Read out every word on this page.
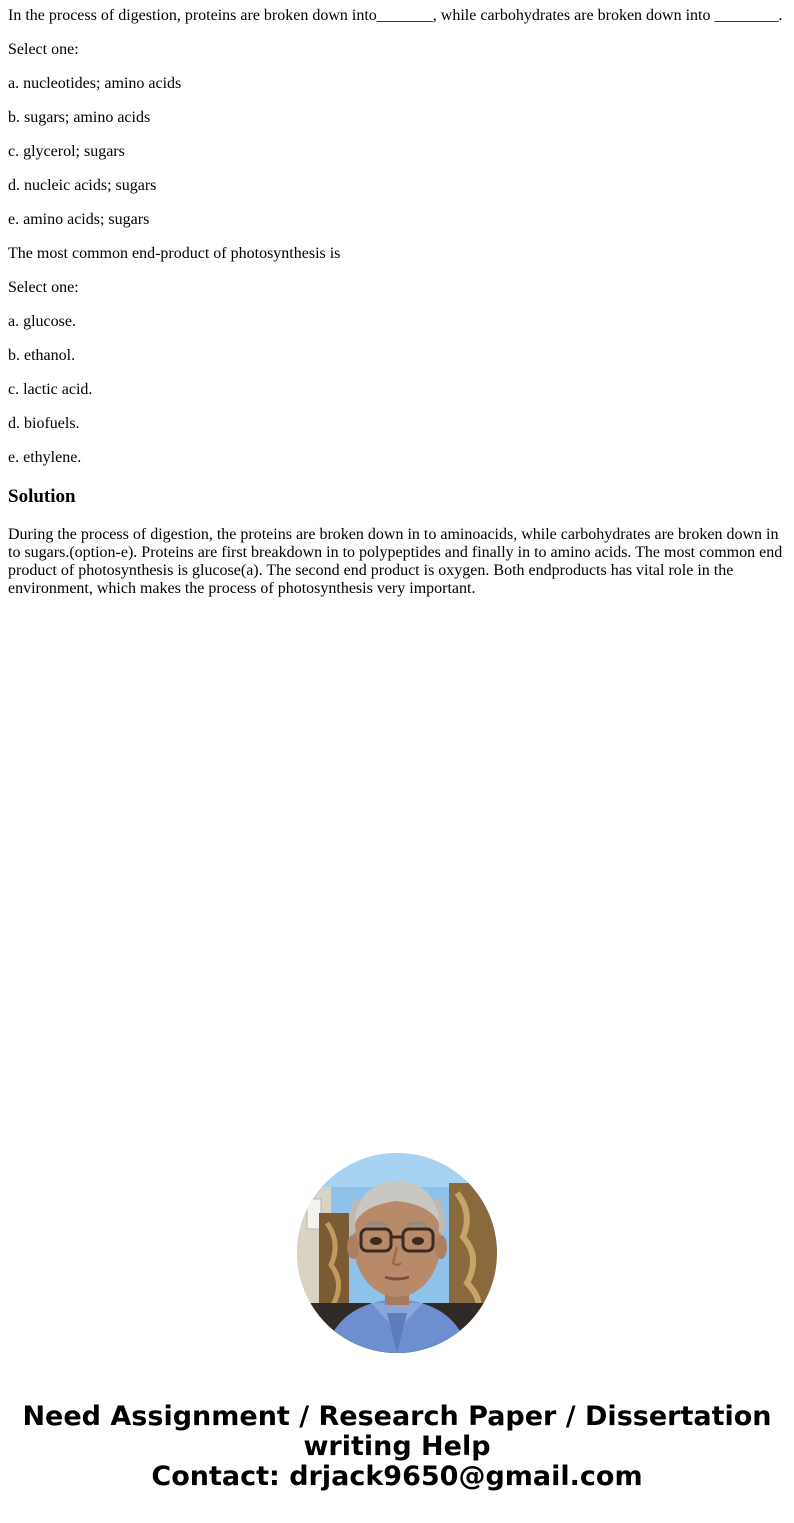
In the process of digestion, proteins are broken down into_______, while carbohydrates are broken down into ________.

Select one:

a. nucleotides; amino acids

b. sugars; amino acids

c. glycerol; sugars

d. nucleic acids; sugars

e. amino acids; sugars

The most common end-product of photosynthesis is

Select one:

a. glucose.

b. ethanol.

c. lactic acid.

d. biofuels.

e. ethylene.

Solution

During the process of digestion, the proteins are broken down in to aminoacids, while carbohydrates are broken down in to sugars.(option-e). Proteins are first breakdown in to polypeptides and finally in to amino acids. The most common end product of photosynthesis is glucose(a). The second end product is oxygen. Both endproducts has vital role in the environment, which makes the process of photosynthesis very important.

Need Assignment / Research Paper / Dissertation
writing Help
Contact: drjack9650@gmail.com
